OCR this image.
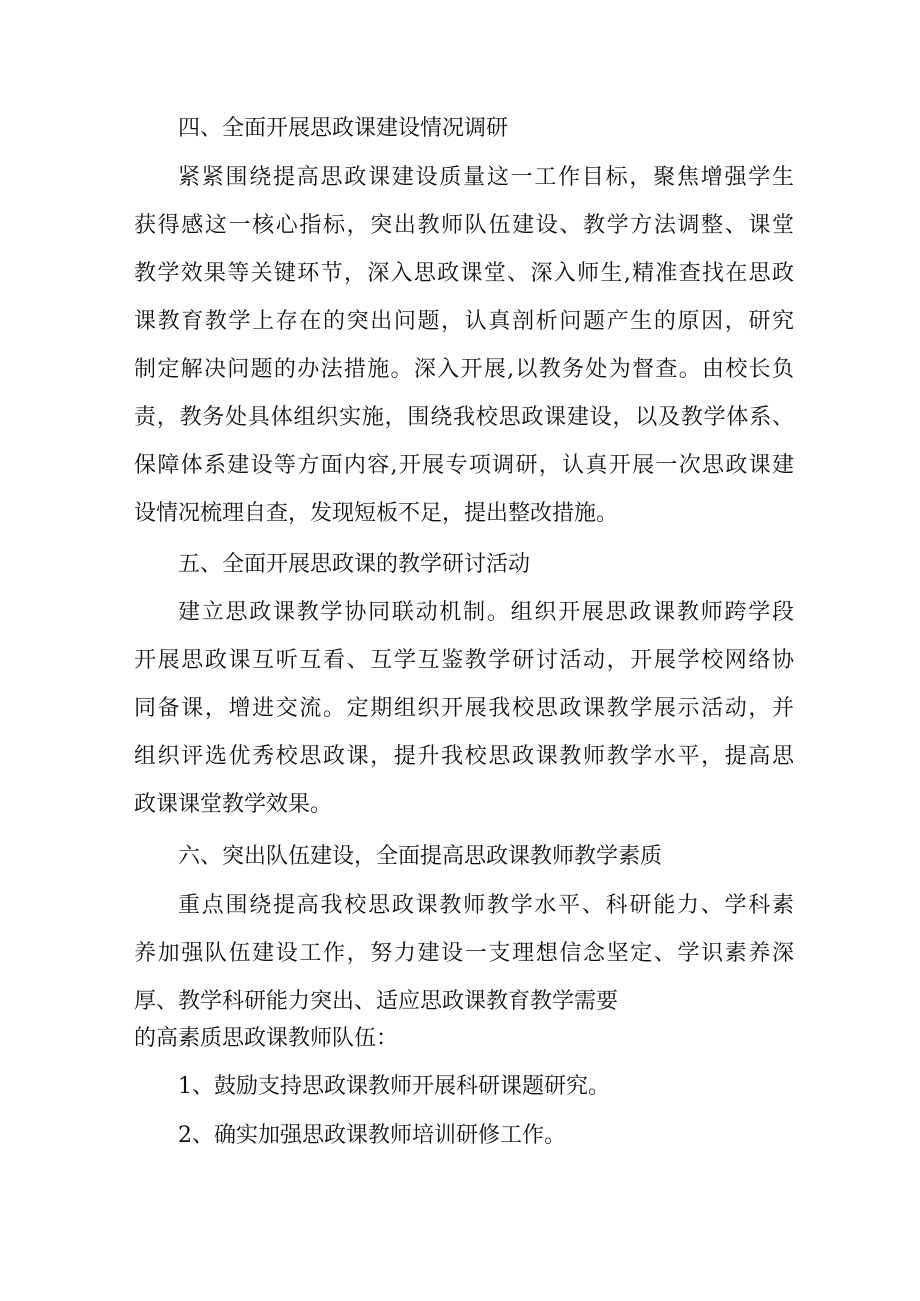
四、全面开展思政课建设情况调研
紧紧围绕提高思政课建设质量这一工作目标，聚焦增强学生
获得感这一核心指标，突出教师队伍建设、教学方法调整、课堂
教学效果等关键环节，深入思政课堂、深入师生,精准查找在思政
课教育教学上存在的突出问题，认真剖析问题产生的原因，研究
制定解决问题的办法措施。深入开展,以教务处为督查。由校长负
责，教务处具体组织实施，围绕我校思政课建设，以及教学体系、
保障体系建设等方面内容,开展专项调研，认真开展一次思政课建
设情况梳理自查，发现短板不足，提出整改措施。
五、全面开展思政课的教学研讨活动
建立思政课教学协同联动机制。组织开展思政课教师跨学段
开展思政课互听互看、互学互鉴教学研讨活动，开展学校网络协
同备课，增进交流。定期组织开展我校思政课教学展示活动，并
组织评选优秀校思政课，提升我校思政课教师教学水平，提高思
政课课堂教学效果。
六、突出队伍建设，全面提高思政课教师教学素质
重点围绕提高我校思政课教师教学水平、科研能力、学科素
养加强队伍建设工作，努力建设一支理想信念坚定、学识素养深
厚、教学科研能力突出、适应思政课教育教学需要
的高素质思政课教师队伍：
1、鼓励支持思政课教师开展科研课题研究。
2、确实加强思政课教师培训研修工作。
